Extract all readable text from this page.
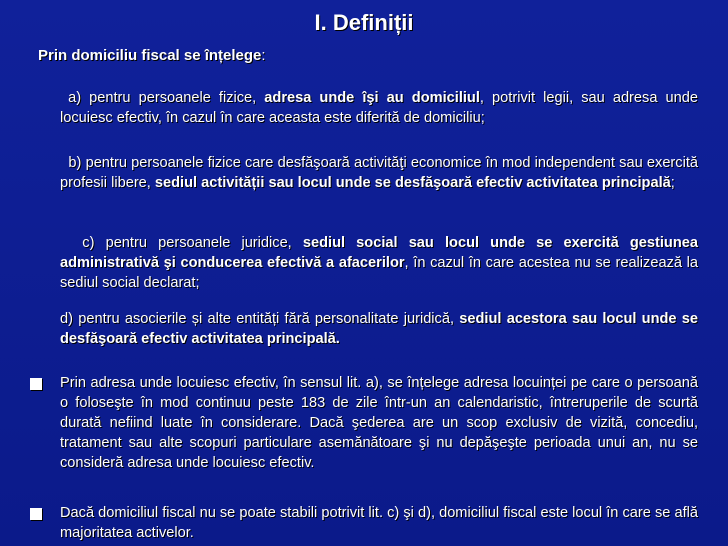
I. Definiții
Prin domiciliu fiscal se înțelege:
a) pentru persoanele fizice, adresa unde îşi au domiciliul, potrivit legii, sau adresa unde locuiesc efectiv, în cazul în care aceasta este diferită de domiciliu;
b) pentru persoanele fizice care desfăşoară activităţi economice în mod independent sau exercită profesii libere, sediul activității sau locul unde se desfăşoară efectiv activitatea principală;
c) pentru persoanele juridice, sediul social sau locul unde se exercită gestiunea administrativă şi conducerea efectivă a afacerilor, în cazul în care acestea nu se realizează la sediul social declarat;
d) pentru asocierile și alte entități fără personalitate juridică, sediul acestora sau locul unde se desfăşoară efectiv activitatea principală.
Prin adresa unde locuiesc efectiv, în sensul lit. a), se înțelege adresa locuinței pe care o persoană o foloseşte în mod continuu peste 183 de zile într-un an calendaristic, întreruperile de scurtă durată nefiind luate în considerare. Dacă şederea are un scop exclusiv de vizită, concediu, tratament sau alte scopuri particulare asemănătoare şi nu depăşeşte perioada unui an, nu se consideră adresa unde locuiesc efectiv.
Dacă domiciliul fiscal nu se poate stabili potrivit lit. c) şi d), domiciliul fiscal este locul în care se află majoritatea activelor.
